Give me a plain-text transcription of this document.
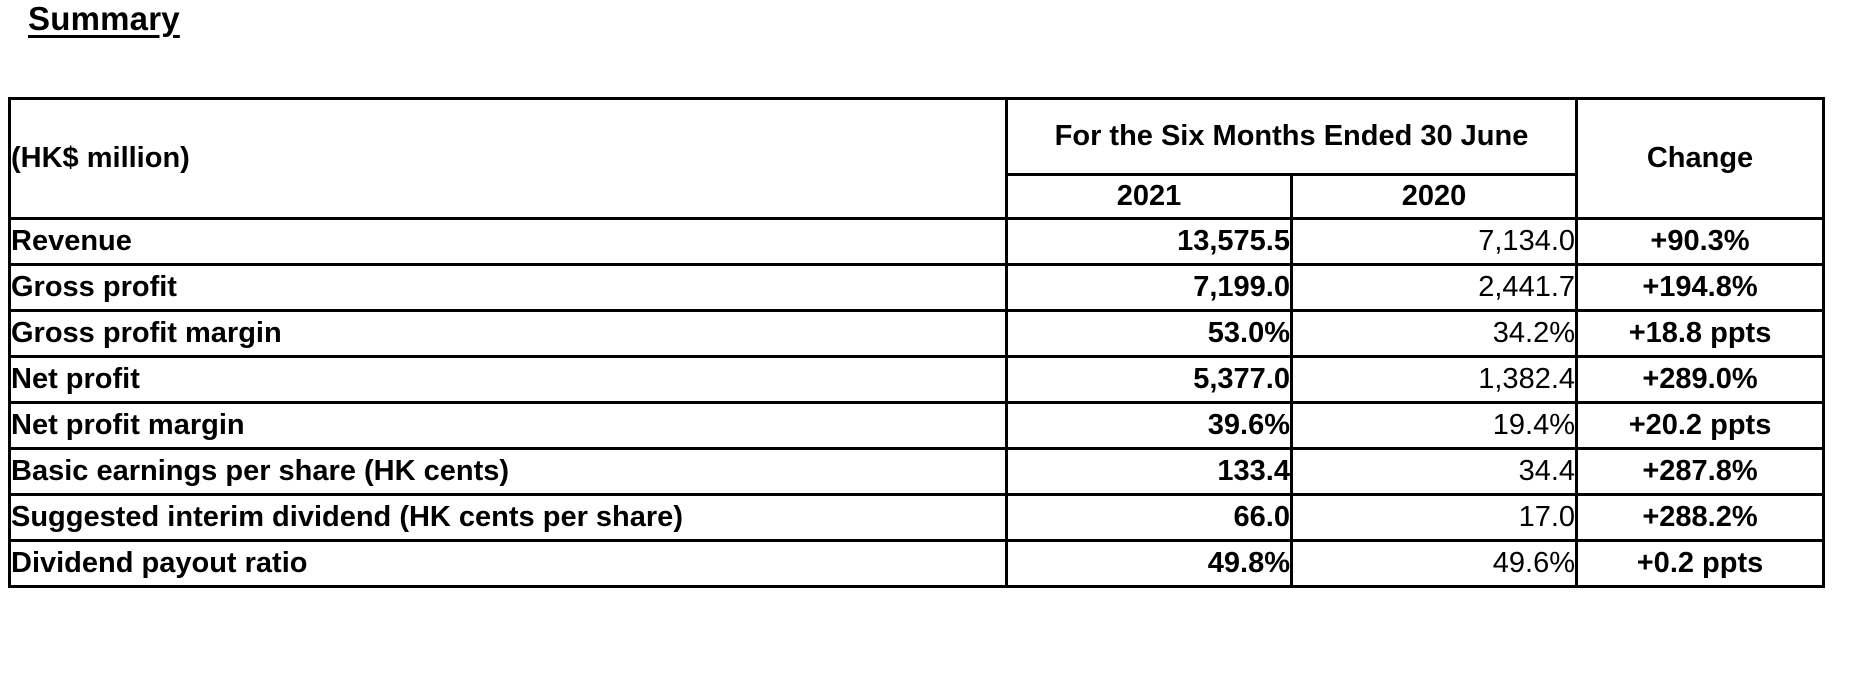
Summary
(HK$ million)	For the Six Months Ended 30 June		Change
	2021	2020	
Revenue	13,575.5	7,134.0	+90.3%
Gross profit	7,199.0	2,441.7	+194.8%
Gross profit margin	53.0%	34.2%	+18.8 ppts
Net profit	5,377.0	1,382.4	+289.0%
Net profit margin	39.6%	19.4%	+20.2 ppts
Basic earnings per share (HK cents)	133.4	34.4	+287.8%
Suggested interim dividend (HK cents per share)	66.0	17.0	+288.2%
Dividend payout ratio	49.8%	49.6%	+0.2 ppts
